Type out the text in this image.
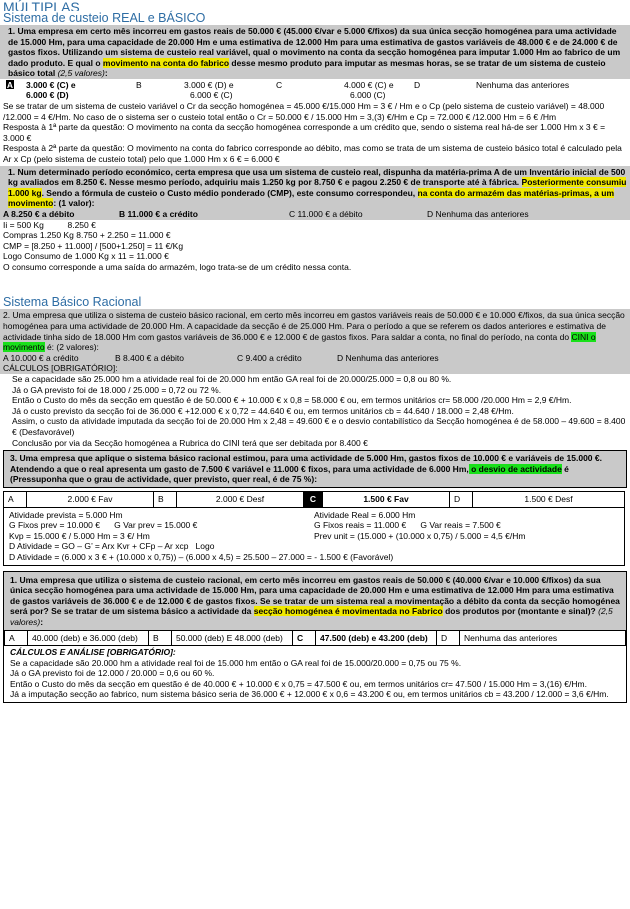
MÚLTIPLAS
Sistema de custeio REAL e BÁSICO
1. Uma empresa em certo mês incorreu em gastos reais de 50.000 € (45.000 €/var e 5.000 €/fixos) da sua única secção homogénea para uma actividade de 15.000 Hm, para uma capacidade de 20.000 Hm e uma estimativa de 12.000 Hm para uma estimativa de gastos variáveis de 48.000 € e de 24.000 € de gastos fixos. Utilizando um sistema de custeio real variável, qual o movimento na conta da secção homogénea para imputar 1.000 Hm ao fabrico de um dado produto. E qual o movimento na conta do fabrico desse mesmo produto para imputar as mesmas horas, se se tratar de um sistema de custeio básico total (2,5 valores):
A 3.000 € (C) e
6.000 € (D)
B	3.000 € (D) e
6.000 € (C)
C	4.000 € (C) e
6.000 (C)
D	Nenhuma das anteriores
Se se tratar de um sistema de custeio variável o Cr da secção homogénea = 45.000 €/15.000 Hm = 3 € / Hm e o Cp (pelo sistema de custeio variável) = 48.000 /12.000 = 4 €/Hm. No caso de o sistema ser o custeio total então o Cr = 50.000 € / 15.000 Hm = 3,(3) €/Hm e Cp = 72.000 € /12.000 Hm = 6 € /Hm
Resposta à 1ª parte da questão: O movimento na conta da secção homogénea corresponde a um crédito que, sendo o sistema real há-de ser 1.000 Hm x 3 € = 3.000 €
Resposta à 2ª parte da questão: O movimento na conta do fabrico corresponde ao débito, mas como se trata de um sistema de custeio básico total é calculado pela Ar x Cp (pelo sistema de custeio total) pelo que 1.000 Hm x 6 € = 6.000 €
1. Num determinado período económico, certa empresa que usa um sistema de custeio real, dispunha da matéria-prima A de um Inventário inicial de 500 kg avaliados em 8.250 €. Nesse mesmo período, adquiriu mais 1.250 kg por 8.750 € e pagou 2.250 € de transporte até à fábrica. Posteriormente consumiu 1.000 kg. Sendo a fórmula de custeio o Custo médio ponderado (CMP), este consumo correspondeu, na conta do armazém das matérias-primas, a um movimento: (1 valor):
A 8.250 € a débito	B 11.000 € a crédito	C 11.000 € a débito	D Nenhuma das anteriores
Ii = 500 Kg          8.250 €
Compras 1.250 Kg 8.750 + 2.250 = 11.000 €
CMP = [8.250 + 11.000] / [500+1.250] = 11 €/Kg
Logo Consumo de 1.000 Kg x 11 = 11.000 €
O consumo corresponde a uma saída do armazém, logo trata-se de um crédito nessa conta.
Sistema Básico Racional
2. Uma empresa que utiliza o sistema de custeio básico racional, em certo mês incorreu em gastos variáveis reais de 50.000 € e 10.000 €/fixos, da sua única secção homogénea para uma actividade de 20.000 Hm. A capacidade da secção é de 25.000 Hm. Para o período a que se referem os dados anteriores e estimativa de actividade tinha sido de 18.000 Hm com gastos variáveis de 36.000 € e 12.000 € de gastos fixos. Para saldar a conta, no final do período, na conta do CINI o movimento é: (2 valores):
A 10.000 € a crédito	B 8.400 € a débito	C 9.400 a crédito	D Nenhuma das anteriores
CÁLCULOS [OBRIGATÓRIO]:
Se a capacidade são 25.000 hm a atividade real foi de 20.000 hm então GA real foi de 20.000/25.000 = 0,8 ou 80 %.
Já o GA previsto foi de 18.000 / 25.000 = 0,72 ou 72 %.
Então o Custo do mês da secção em questão é de 50.000 € + 10.000 € x 0,8 = 58.000 € ou, em termos unitários cr= 58.000 /20.000 Hm = 2,9 €/Hm.
Já o custo previsto da secção foi de 36.000 € +12.000 € x 0,72 = 44.640 € ou, em termos unitários cb = 44.640 / 18.000 = 2,48 €/Hm.
Assim, o custo da atividade imputada da secção foi de 20.000 Hm x 2,48 = 49.600 € e o desvio contabilístico da Secção homogénea é de 58.000 – 49.600 = 8.400 € (Desfavorável)
Conclusão por via da Secção homogénea a Rubrica do CINI terá que ser debitada por 8.400 €
3. Uma empresa que aplique o sistema básico racional estimou, para uma actividade de 5.000 Hm, gastos fixos de 10.000 € e variáveis de 15.000 €. Atendendo a que o real apresenta um gasto de 7.500 € variável e 11.000 € fixos, para uma actividade de 6.000 Hm, o desvio de actividade é (Pressuponha que o grau de actividade, quer previsto, quer real, é de 75 %):
A	2.000 € Fav	B	2.000 € Desf	C	1.500 € Fav	D	1.500 € Desf
Atividade prevista = 5.000 Hm	Atividade Real = 6.000 Hm
G Fixos prev = 10.000 €      G Var prev = 15.000 €	G Fixos reais = 11.000 €      G Var reais = 7.500 €
Kvp = 15.000 € / 5.000 Hm = 3 €/ Hm	Prev unit = (15.000 + (10.000 x 0,75) / 5.000 = 4,5 €/Hm
D Atividade = GO – G’ = Arx Kvr + CFp – Ar xcp   Logo
D Atividade = (6.000 x 3 € + (10.000 x 0,75)) – (6.000 x 4,5) = 25.500 – 27.000 = - 1.500 € (Favorável)
1. Uma empresa que utiliza o sistema de custeio racional, em certo mês incorreu em gastos reais de 50.000 € (40.000 €/var e 10.000 €/fixos) da sua única secção homogénea para uma actividade de 15.000 Hm, para uma capacidade de 20.000 Hm e uma estimativa de 12.000 Hm para uma estimativa de gastos variáveis de 36.000 € e de 12.000 € de gastos fixos. Se se tratar de um sistema real a movimentação a débito da conta da secção homogénea será por? Se se tratar de um sistema básico a actividade da secção homogénea é movimentada no Fabrico dos produtos por (montante e sinal)? (2,5 valores):
A	40.000 (deb) e 36.000 (deb)	B	50.000 (deb) E 48.000 (deb)	C	47.500 (deb) e 43.200 (deb)	D	Nenhuma das anteriores
CÁLCULOS E ANÁLISE [OBRIGATÓRIO]:
Se a capacidade são 20.000 hm a atividade real foi de 15.000 hm então o GA real foi de 15.000/20.000 = 0,75 ou 75 %.
Já o GA previsto foi de 12.000 / 20.000 = 0,6 ou 60 %.
Então o Custo do mês da secção em questão é de 40.000 € + 10.000 € x 0,75 = 47.500 € ou, em termos unitários cr= 47.500 / 15.000 Hm = 3,(16) €/Hm.
Já a imputação secção ao fabrico, num sistema básico seria de 36.000 € + 12.000 € x 0,6 = 43.200 € ou, em termos unitários cb = 43.200 / 12.000 = 3,6 €/Hm.
